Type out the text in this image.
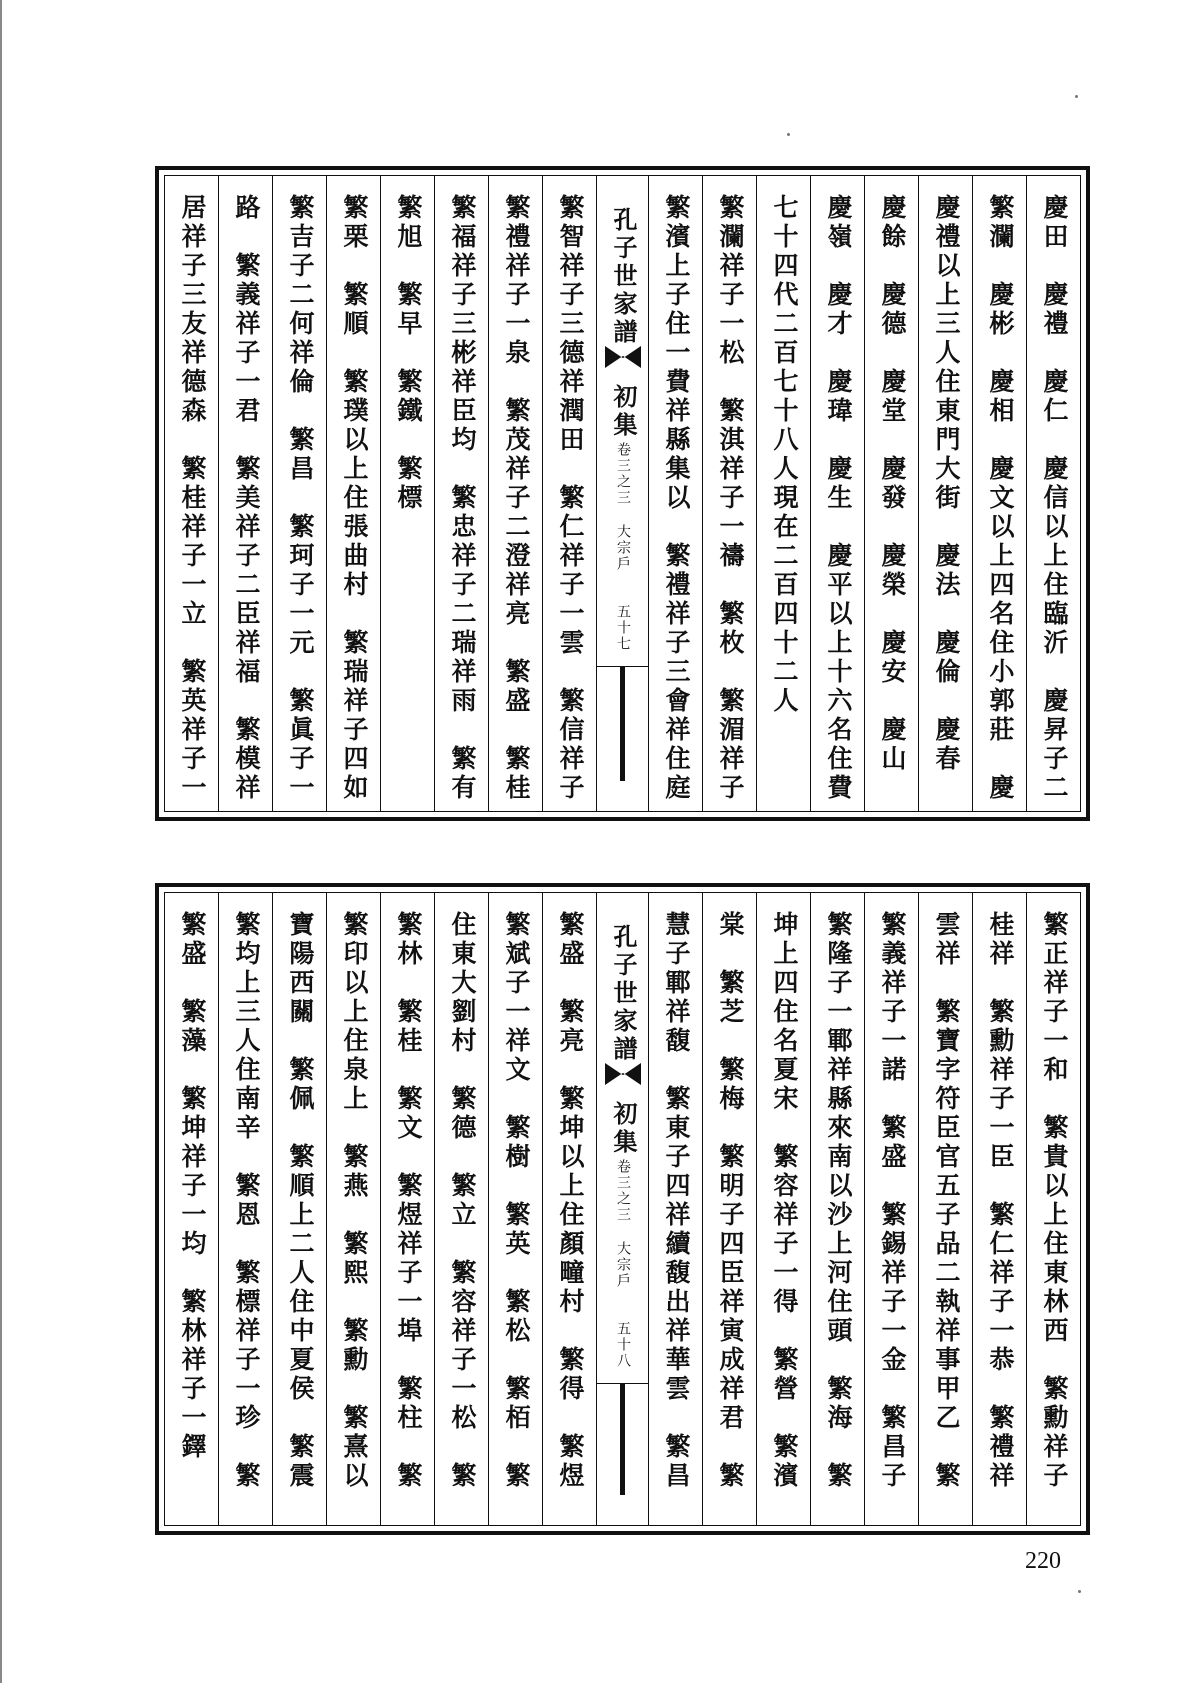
慶田　慶禮　慶仁　慶信以上住臨沂　慶昇子二
繁瀾　慶彬　慶相　慶文以上四名住小郭莊　慶　
慶禮以上三人住東門大街　慶法　慶倫　慶春　
慶餘　慶德　慶堂　慶發　慶榮　慶安　慶山
慶嶺　慶才　慶瑋　慶生　慶平以上十六名住費
七十四代二百七十八人現在二百四十二人
繁瀾祥子一松　繁淇祥子一禱　繁枚　繁湄祥子　
繁濱上子住一費祥縣集以　繁禮祥子三會祥住庭　
孔子世家譜
初集
卷三之三
大宗戶
五十七
繁智祥子三德祥潤田　繁仁祥子一雲　繁信祥子
繁禮祥子一泉　繁茂祥子二澄祥亮　繁盛　繁桂
繁福祥子三彬祥臣均　繁忠祥子二瑞祥雨　繁有
繁旭　繁早　繁鐵　繁標
繁栗　繁順　繁璞以上住張曲村　繁瑞祥子四如
繁吉子二何祥倫　繁昌　繁珂子一元　繁眞子一　
路　繁義祥子一君　繁美祥子二臣祥福　繁模祥　
居祥子三友祥德森　繁桂祥子一立　繁英祥子一　
繁正祥子一和　繁貴以上住東林西　繁勳祥子　
桂祥　繁勳祥子一臣　繁仁祥子一恭　繁禮祥　
雲祥　繁寶字符臣官五子品二執祥事甲乙　繁
繁義祥子一諾　繁盛　繁錫祥子一金　繁昌子
繁隆子一鄆祥縣來南以沙上河住頭　繁海　繁　　
坤上四住名夏宋　繁容祥子一得　繁營　繁濱　　
棠　繁芝　繁梅　繁明子四臣祥寅成祥君　繁　
慧子鄆祥馥　繁東子四祥續馥出祥華雲　繁昌
孔子世家譜
初集
卷三之三
大宗戶
五十八
繁盛　繁亮　繁坤以上住顏疃村　繁得　繁煜
繁斌子一祥文　繁樹　繁英　繁松　繁栢　繁
住東大劉村　繁德　繁立　繁容祥子一松　繁　
繁林　繁桂　繁文　繁煜祥子一埠　繁柱　繁
繁印以上住泉上　繁燕　繁熙　繁勳　繁熹以
寶陽西關　繁佩　繁順上二人住中夏侯　繁震　
繁均上三人住南辛　繁恩　繁標祥子一珍　繁　
繁盛　繁藻　繁坤祥子一均　繁林祥子一鐸　
220
